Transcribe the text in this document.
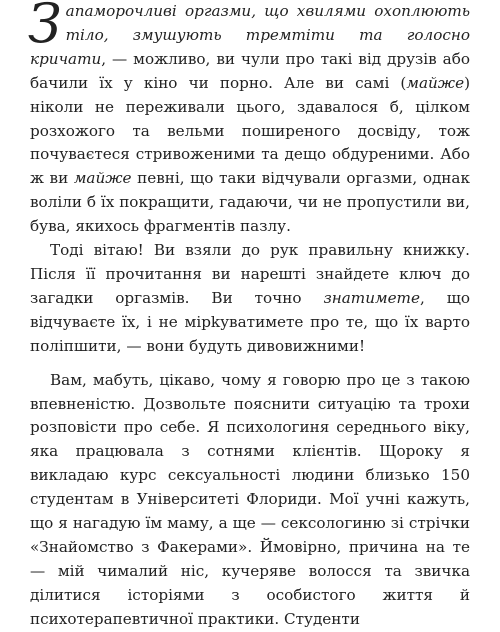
Запаморочливі оргазми, що хвилями охоплюють тіло, змушують тремтіти та голосно кричати, — можливо, ви чули про такі від друзів або бачили їх у кіно чи порно. Але ви самі (майже) ніколи не переживали цього, здавалося б, цілком розхожого та вельми поширеного досвіду, тож почуваєтеся стривоженими та дещо обдуреними. Або ж ви майже певні, що таки відчували оргазми, однак воліли б їх покращити, гадаючи, чи не пропустили ви, бува, якихось фрагментів пазлу.

Тоді вітаю! Ви взяли до рук правильну книжку. Після її прочитання ви нарешті знайдете ключ до загадки оргазмів. Ви точно знатимете, що відчуваєте їх, і не мірkуватимете про те, що їх варто поліпшити, — вони будуть дивовижними!

Вам, мабуть, цікаво, чому я говорю про це з такою впевненістю. Дозвольте пояснити ситуацію та трохи розповісти про себе. Я психологиня середнього віку, яка працювала з сотнями клієнтів. Щороку я викладаю курс сексуальності людини близько 150 студентам в Університеті Флориди. Мої учні кажуть, що я нагадую їм маму, а ще — сексологиню зі стрічки «Знайомство з Факерами». Ймовірно, причина на те — мій чималий ніс, кучеряве волосся та звичка ділитися історіями з особистого життя й психотерапевтичної практики. Студенти
